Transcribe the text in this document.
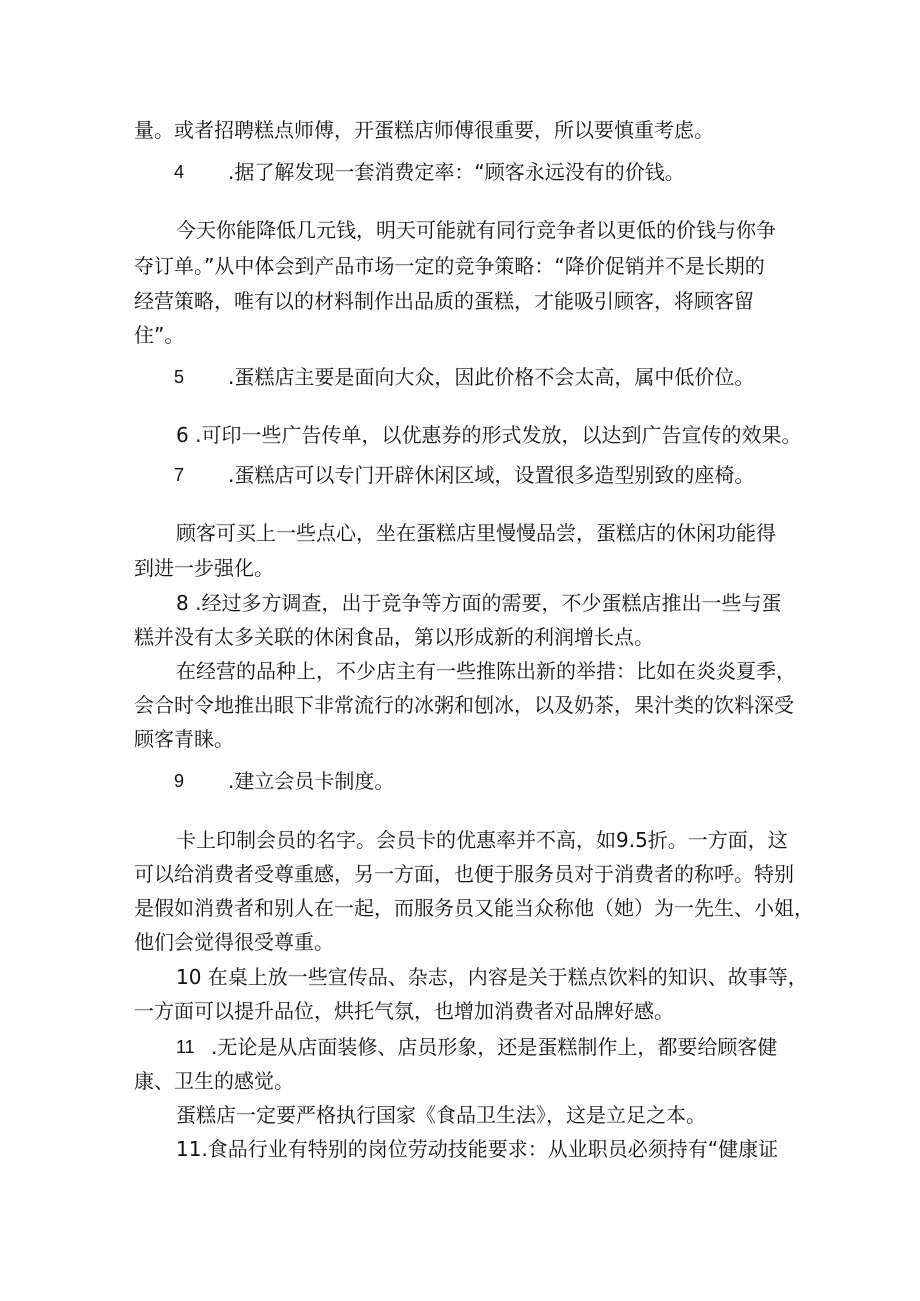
量。或者招聘糕点师傅，开蛋糕店师傅很重要，所以要慎重考虑。
4 .据了解发现一套消费定率：“顾客永远没有的价钱。
今天你能降低几元钱，明天可能就有同行竞争者以更低的价钱与你争
夺订单。”从中体会到产品市场一定的竞争策略：“降价促销并不是长期的
经营策略，唯有以的材料制作出品质的蛋糕，才能吸引顾客，将顾客留
住”。
5 .蛋糕店主要是面向大众，因此价格不会太高，属中低价位。
6 .可印一些广告传单，以优惠券的形式发放，以达到广告宣传的效果。
7 .蛋糕店可以专门开辟休闲区域，设置很多造型别致的座椅。
顾客可买上一些点心，坐在蛋糕店里慢慢品尝，蛋糕店的休闲功能得
到进一步强化。
8 .经过多方调查，出于竞争等方面的需要，不少蛋糕店推出一些与蛋
糕并没有太多关联的休闲食品，第以形成新的利润增长点。
在经营的品种上，不少店主有一些推陈出新的举措：比如在炎炎夏季，
会合时令地推出眼下非常流行的冰粥和刨冰，以及奶茶，果汁类的饮料深受
顾客青睐。
9 .建立会员卡制度。
卡上印制会员的名字。会员卡的优惠率并不高，如9.5折。一方面，这
可以给消费者受尊重感，另一方面，也便于服务员对于消费者的称呼。特别
是假如消费者和别人在一起，而服务员又能当众称他（她）为一先生、小姐，
他们会觉得很受尊重。
10 在桌上放一些宣传品、杂志，内容是关于糕点饮料的知识、故事等，
一方面可以提升品位，烘托气氛，也增加消费者对品牌好感。
11 .无论是从店面装修、店员形象，还是蛋糕制作上，都要给顾客健
康、卫生的感觉。
蛋糕店一定要严格执行国家《食品卫生法》，这是立足之本。
11.食品行业有特别的岗位劳动技能要求：从业职员必须持有“健康证
